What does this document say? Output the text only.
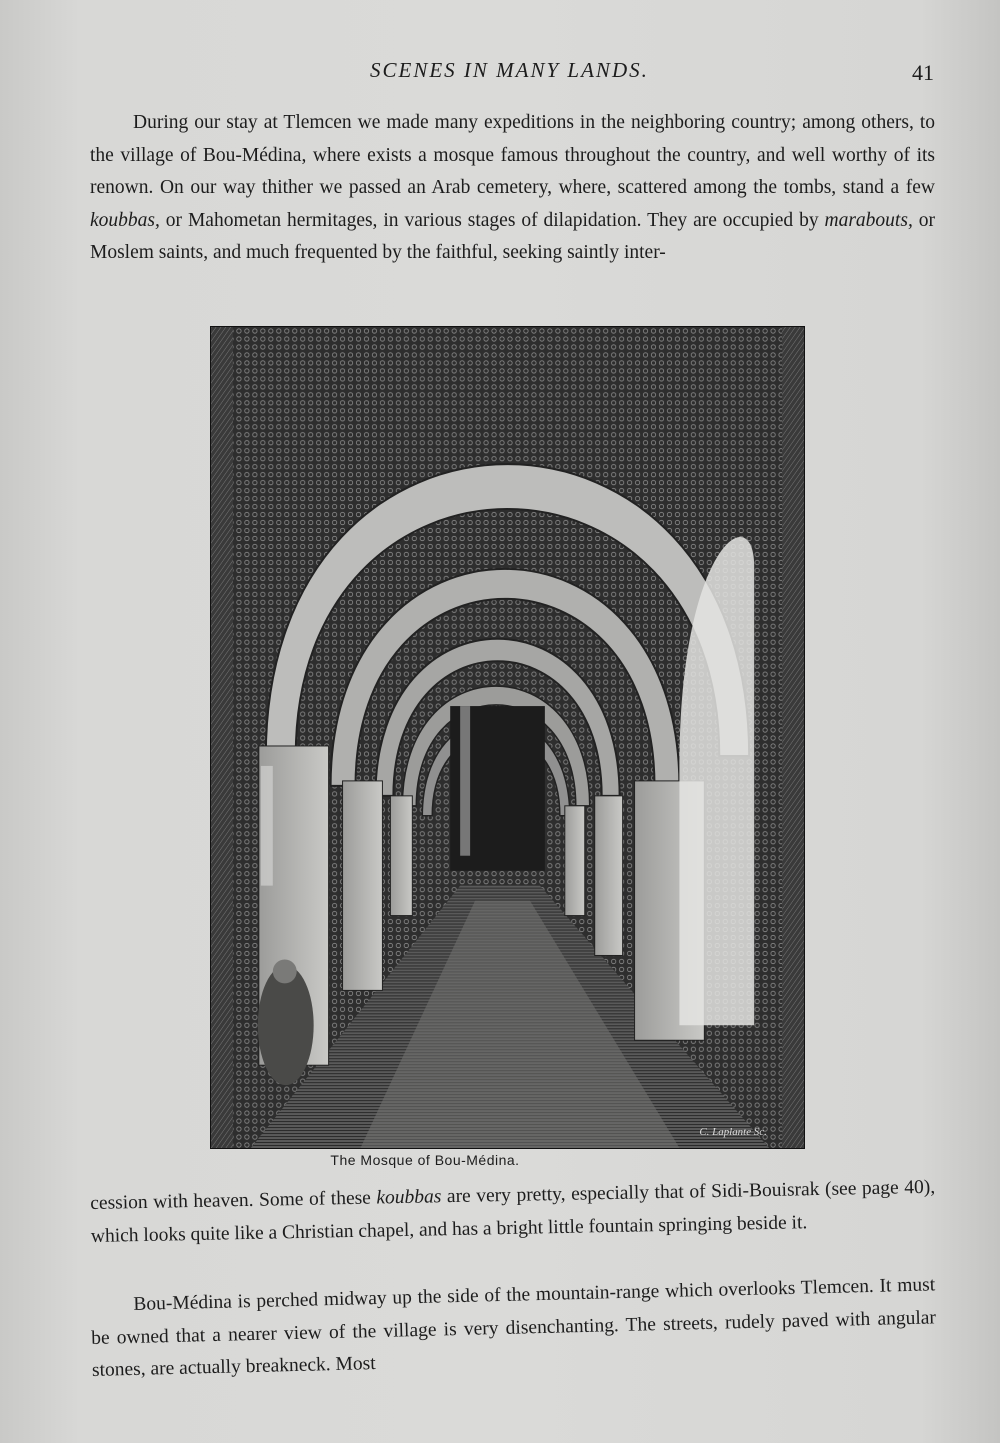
SCENES IN MANY LANDS.	41

During our stay at Tlemcen we made many expeditions in the neighboring country; among others, to the village of Bou-Médina, where exists a mosque famous throughout the country, and well worthy of its renown. On our way thither we passed an Arab cemetery, where, scattered among the tombs, stand a few koubbas, or Mahometan hermitages, in various stages of dilapidation. They are occupied by marabouts, or Moslem saints, and much frequented by the faithful, seeking saintly inter-

C. Laplante Sc.
The Mosque of Bou-Médina.

cession with heaven. Some of these koubbas are very pretty, especially that of Sidi-Bouisrak (see page 40), which looks quite like a Christian chapel, and has a bright little fountain springing beside it.

Bou-Médina is perched midway up the side of the mountain-range which overlooks Tlemcen. It must be owned that a nearer view of the village is very disenchanting. The streets, rudely paved with angular stones, are actually breakneck. Most
